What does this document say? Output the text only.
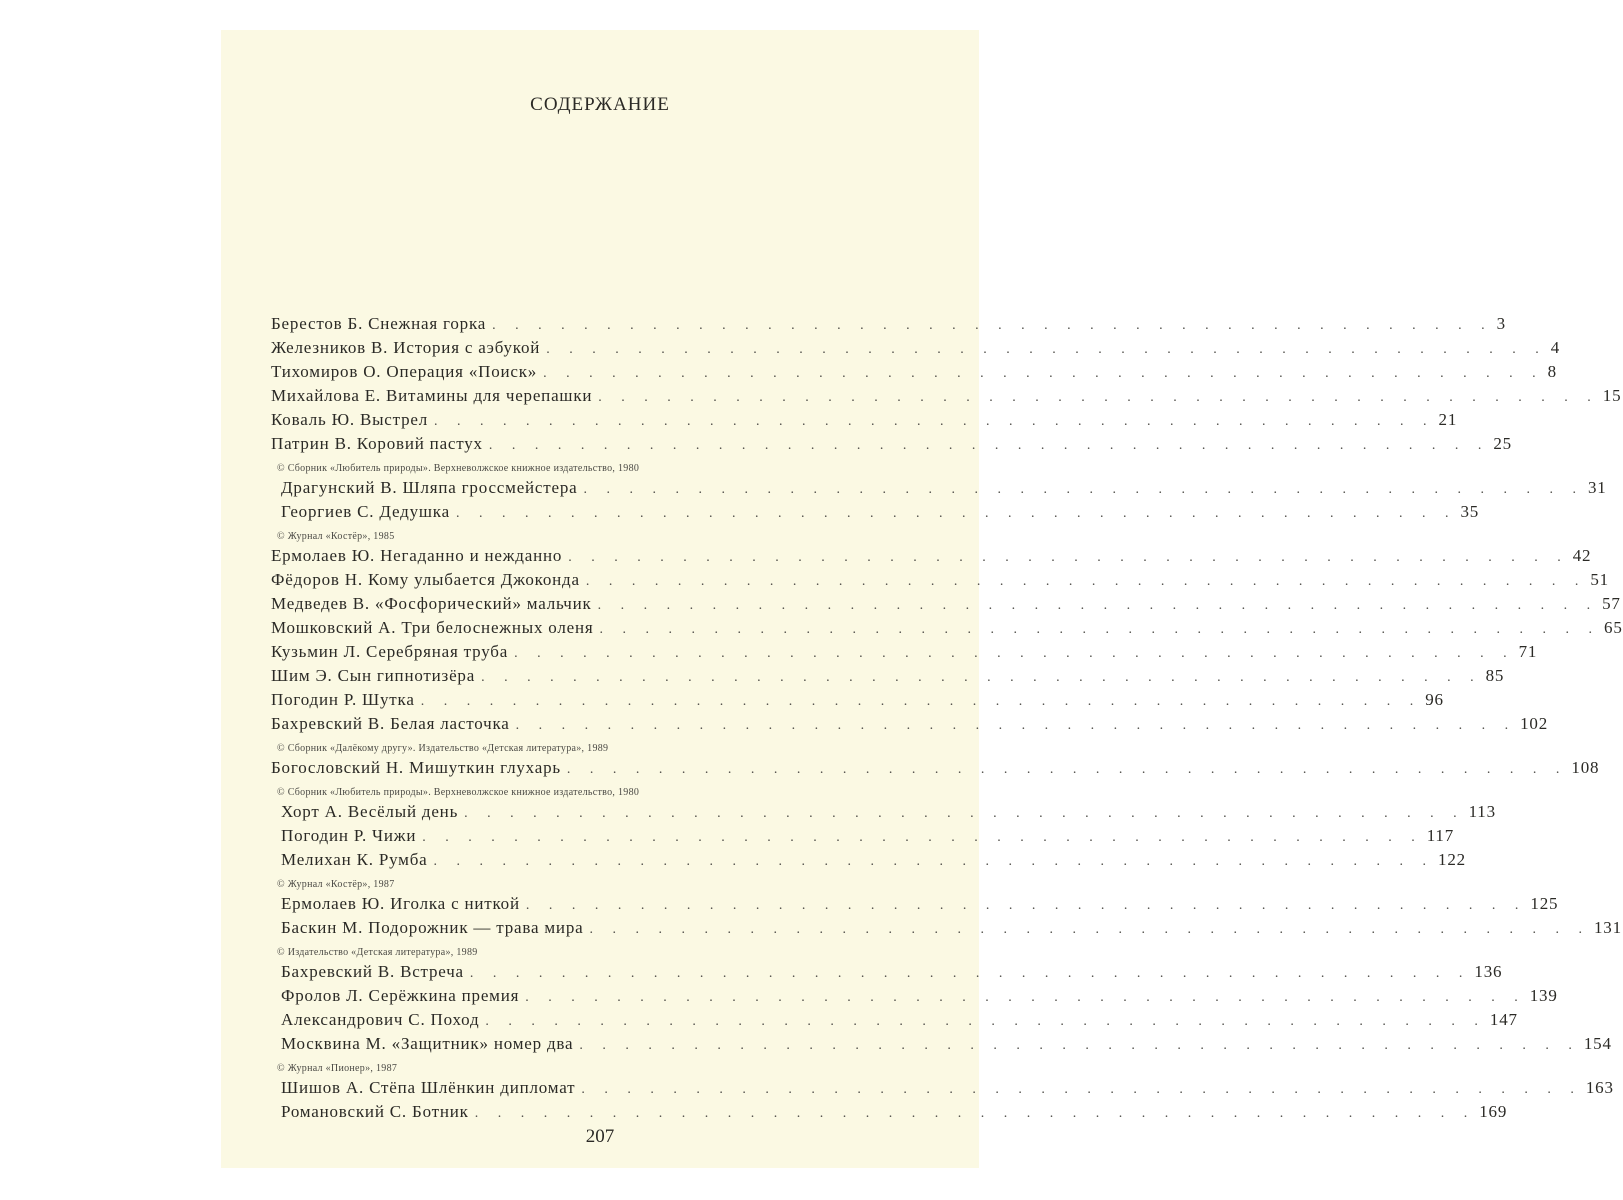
СОДЕРЖАНИЕ
Берестов Б. Снежная горка . . . . . . . . . . . . . . . . . . . . . . . . . . . . . . . . . . . . . . . . . . . . 3
Железников В. История с аэбукой . . . . . . . . . . . . . . . . . . . . . . . . . . . . . . . . . . . . . . . . . . . . 4
Тихомиров О. Операция «Поиск» . . . . . . . . . . . . . . . . . . . . . . . . . . . . . . . . . . . . . . . . . . . . 8
Михайлова Е. Витамины для черепашки . . . . . . . . . . . . . . . . . . . . . . . . . . . . . . . . . . . . . . . . . . . . 15
Коваль Ю. Выстрел . . . . . . . . . . . . . . . . . . . . . . . . . . . . . . . . . . . . . . . . . . . . 21
Патрин В. Коровий пастух . . . . . . . . . . . . . . . . . . . . . . . . . . . . . . . . . . . . . . . . . . . . 25
© Сборник «Любитель природы». Верхневолжское книжное издательство, 1980
Драгунский В. Шляпа гроссмейстера . . . . . . . . . . . . . . . . . . . . . . . . . . . . . . . . . . . . . . . . . . . . 31
Георгиев С. Дедушка . . . . . . . . . . . . . . . . . . . . . . . . . . . . . . . . . . . . . . . . . . . . 35
© Журнал «Костёр», 1985
Ермолаев Ю. Негаданно и нежданно . . . . . . . . . . . . . . . . . . . . . . . . . . . . . . . . . . . . . . . . . . . . 42
Фёдоров Н. Кому улыбается Джоконда . . . . . . . . . . . . . . . . . . . . . . . . . . . . . . . . . . . . . . . . . . . . 51
Медведев В. «Фосфорический» мальчик . . . . . . . . . . . . . . . . . . . . . . . . . . . . . . . . . . . . . . . . . . . . 57
Мошковский А. Три белоснежных оленя . . . . . . . . . . . . . . . . . . . . . . . . . . . . . . . . . . . . . . . . . . . . 65
Кузьмин Л. Серебряная труба . . . . . . . . . . . . . . . . . . . . . . . . . . . . . . . . . . . . . . . . . . . . 71
Шим Э. Сын гипнотизёра . . . . . . . . . . . . . . . . . . . . . . . . . . . . . . . . . . . . . . . . . . . . 85
Погодин Р. Шутка . . . . . . . . . . . . . . . . . . . . . . . . . . . . . . . . . . . . . . . . . . . . 96
Бахревский В. Белая ласточка . . . . . . . . . . . . . . . . . . . . . . . . . . . . . . . . . . . . . . . . . . . . 102
© Сборник «Далёкому другу». Издательство «Детская литература», 1989
Богословский Н. Мишуткин глухарь . . . . . . . . . . . . . . . . . . . . . . . . . . . . . . . . . . . . . . . . . . . . 108
© Сборник «Любитель природы». Верхневолжское книжное издательство, 1980
Хорт А. Весёлый день . . . . . . . . . . . . . . . . . . . . . . . . . . . . . . . . . . . . . . . . . . . . 113
Погодин Р. Чижи . . . . . . . . . . . . . . . . . . . . . . . . . . . . . . . . . . . . . . . . . . . . 117
Мелихан К. Румба . . . . . . . . . . . . . . . . . . . . . . . . . . . . . . . . . . . . . . . . . . . . 122
© Журнал «Костёр», 1987
Ермолаев Ю. Иголка с ниткой . . . . . . . . . . . . . . . . . . . . . . . . . . . . . . . . . . . . . . . . . . . . 125
Баскин М. Подорожник — трава мира . . . . . . . . . . . . . . . . . . . . . . . . . . . . . . . . . . . . . . . . . . . . 131
© Издательство «Детская литература», 1989
Бахревский В. Встреча . . . . . . . . . . . . . . . . . . . . . . . . . . . . . . . . . . . . . . . . . . . . 136
Фролов Л. Серёжкина премия . . . . . . . . . . . . . . . . . . . . . . . . . . . . . . . . . . . . . . . . . . . . 139
Александрович С. Поход . . . . . . . . . . . . . . . . . . . . . . . . . . . . . . . . . . . . . . . . . . . . 147
Москвина М. «Защитник» номер два . . . . . . . . . . . . . . . . . . . . . . . . . . . . . . . . . . . . . . . . . . . . 154
© Журнал «Пионер», 1987
Шишов А. Стёпа Шлёнкин дипломат . . . . . . . . . . . . . . . . . . . . . . . . . . . . . . . . . . . . . . . . . . . . 163
Романовский С. Ботник . . . . . . . . . . . . . . . . . . . . . . . . . . . . . . . . . . . . . . . . . . . . 169
207
